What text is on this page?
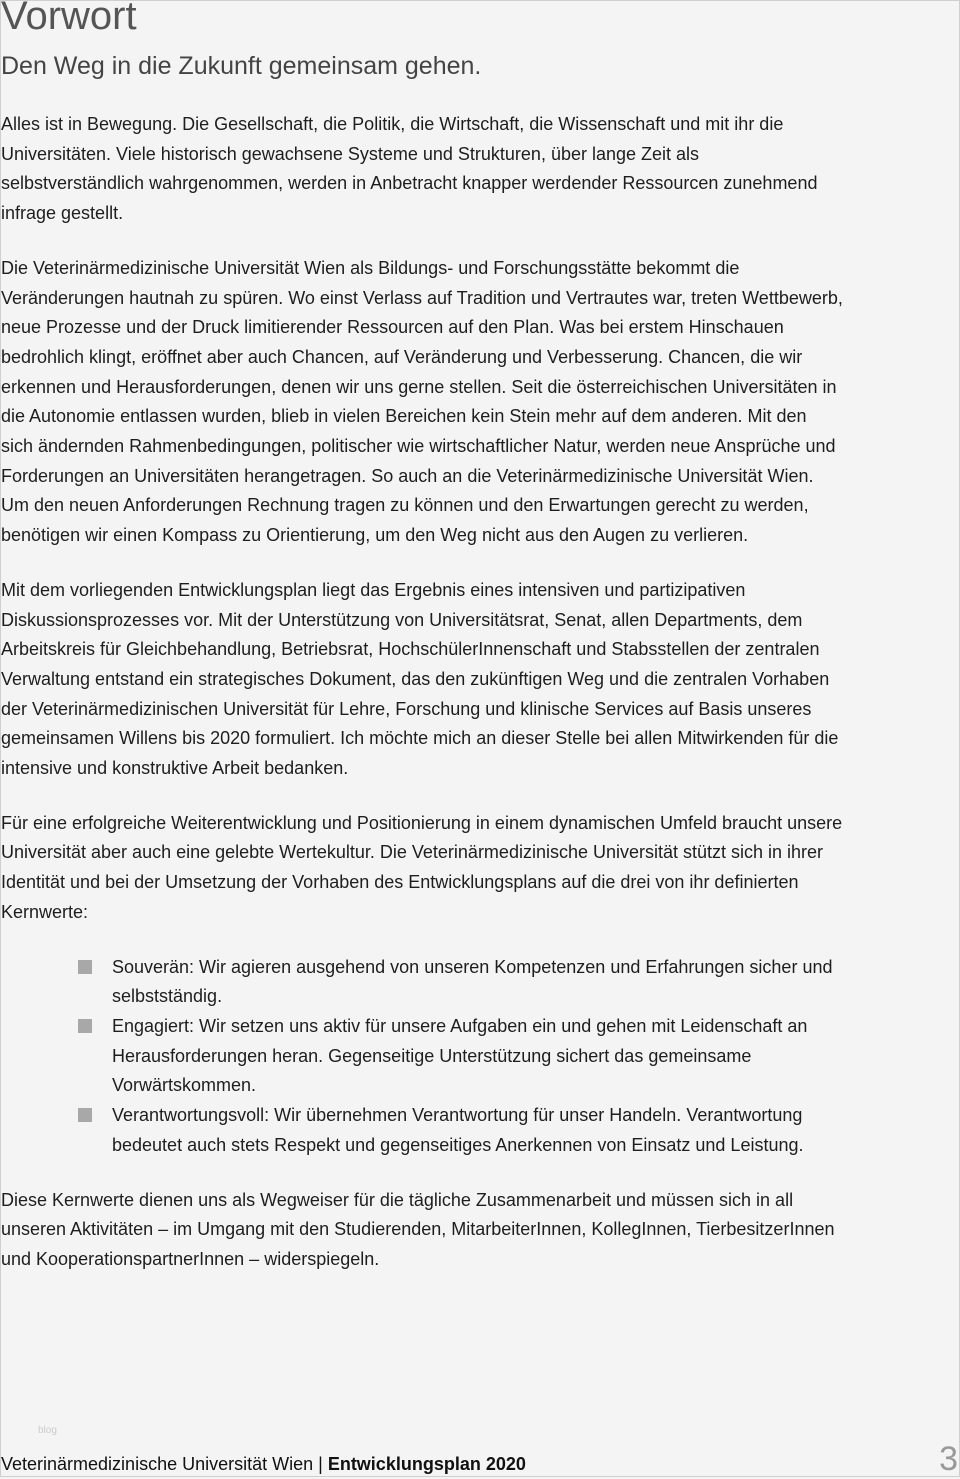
Vorwort
Den Weg in die Zukunft gemeinsam gehen.

Alles ist in Bewegung. Die Gesellschaft, die Politik, die Wirtschaft, die Wissenschaft und mit ihr die Universitäten. Viele historisch gewachsene Systeme und Strukturen, über lange Zeit als selbstverständlich wahrgenommen, werden in Anbetracht knapper werdender Ressourcen zunehmend infrage gestellt.

Die Veterinärmedizinische Universität Wien als Bildungs- und Forschungsstätte bekommt die Veränderungen hautnah zu spüren. Wo einst Verlass auf Tradition und Vertrautes war, treten Wettbewerb, neue Prozesse und der Druck limitierender Ressourcen auf den Plan. Was bei erstem Hinschauen bedrohlich klingt, eröffnet aber auch Chancen, auf Veränderung und Verbesserung. Chancen, die wir erkennen und Herausforderungen, denen wir uns gerne stellen. Seit die österreichischen Universitäten in die Autonomie entlassen wurden, blieb in vielen Bereichen kein Stein mehr auf dem anderen. Mit den sich ändernden Rahmenbedingungen, politischer wie wirtschaftlicher Natur, werden neue Ansprüche und Forderungen an Universitäten herangetragen. So auch an die Veterinärmedizinische Universität Wien. Um den neuen Anforderungen Rechnung tragen zu können und den Erwartungen gerecht zu werden, benötigen wir einen Kompass zu Orientierung, um den Weg nicht aus den Augen zu verlieren.

Mit dem vorliegenden Entwicklungsplan liegt das Ergebnis eines intensiven und partizipativen Diskussionsprozesses vor. Mit der Unterstützung von Universitätsrat, Senat, allen Departments, dem Arbeitskreis für Gleichbehandlung, Betriebsrat, HochschülerInnenschaft und Stabsstellen der zentralen Verwaltung entstand ein strategisches Dokument, das den zukünftigen Weg und die zentralen Vorhaben der Veterinärmedizinischen Universität für Lehre, Forschung und klinische Services auf Basis unseres gemeinsamen Willens bis 2020 formuliert. Ich möchte mich an dieser Stelle bei allen Mitwirkenden für die intensive und konstruktive Arbeit bedanken.

Für eine erfolgreiche Weiterentwicklung und Positionierung in einem dynamischen Umfeld braucht unsere Universität aber auch eine gelebte Wertekultur. Die Veterinärmedizinische Universität stützt sich in ihrer Identität und bei der Umsetzung der Vorhaben des Entwicklungsplans auf die drei von ihr definierten Kernwerte:

Souverän: Wir agieren ausgehend von unseren Kompetenzen und Erfahrungen sicher und selbstständig.
Engagiert: Wir setzen uns aktiv für unsere Aufgaben ein und gehen mit Leidenschaft an Herausforderungen heran. Gegenseitige Unterstützung sichert das gemeinsame Vorwärtskommen.
Verantwortungsvoll: Wir übernehmen Verantwortung für unser Handeln. Verantwortung bedeutet auch stets Respekt und gegenseitiges Anerkennen von Einsatz und Leistung.

Diese Kernwerte dienen uns als Wegweiser für die tägliche Zusammenarbeit und müssen sich in all unseren Aktivitäten – im Umgang mit den Studierenden, MitarbeiterInnen, KollegInnen, TierbesitzerInnen und KooperationspartnerInnen – widerspiegeln.

blog
Veterinärmedizinische Universität Wien | Entwicklungsplan 2020	3
